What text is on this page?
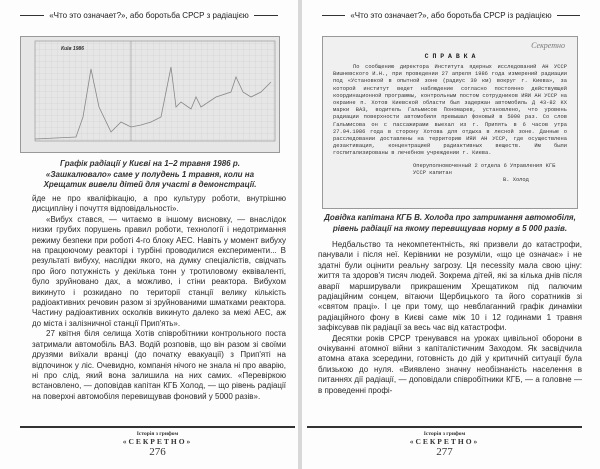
«Что это означает?», або боротьба СРСР з радіацією
Київ 1986
Графік радіації у Києві на 1–2 травня 1986 р. «Зашкалювало» саме у полудень 1 травня, коли на Хрещатик вивели дітей для участі в демонстрації.

йде не про кваліфікацію, а про культуру роботи, внутрішню дисципліну і почуття відповідальності».

«Вибух стався, — читаємо в іншому висновку, — внаслідок низки грубих порушень правил роботи, технології і недотримання режиму безпеки при роботі 4-го блоку АЕС. Навіть у момент вибуху на працюючому реакторі і турбіні проводилися експерименти... В результаті вибуху, наслідки якого, на думку спеціалістів, свідчать про його потужність у декілька тонн у тротиловому еквіваленті, було зруйновано дах, а можливо, і стіни реактора. Вибухом викинуто і розкидано по території станції велику кількість радіоактивних речовин разом зі зруйнованими шматками реактора. Частину радіоактивних осколків викинуто далеко за межі АЕС, аж до міста і залізничної станції Прип'ять».

27 квітня біля селища Хотів співробітники контрольного поста затримали автомобіль ВАЗ. Водій розповів, що він разом зі своїми друзями виїхали вранці (до початку евакуації) з Прип'яті на відпочинок у ліс. Очевидно, компанія нічого не знала ні про аварію, ні про слід, який вона залишила на них самих. «Перевіркою встановлено, — доповідав капітан КГБ Холод, — що рівень радіації на поверхні автомобіля перевищував фоновий у 5000 разів».

Історія з грифом
«СЕКРЕТНО»
276
«Что это означает?», або боротьба СРСР із радіацією
Секретно
С П Р А В К А
По сообщению директора Института ядерных исследований АН УССР Вишневского И.Н., при проведении 27 апреля 1986 года измерений радиации под «Установкой в опытной зоне (радиус 30 км) вокруг г. Киева», за которой институт ведет наблюдение согласно постоянно действующей координационной программы, контрольным постом сотрудников ИЯИ АН УССР на окраине п. Хотов Киевской области был задержан автомобиль Д 43-82 КХ марки ВАЗ, водитель Гальмисов Пономарев, установлено, что уровень радиации поверхности автомобиля превышал фоновый в 5000 раз. Со слов Гальмисова он с пассажирами выехал из г. Припять в 6 часов утра 27.04.1986 года в сторону Хотова для отдыха в лесной зоне. Данные о расследовании доставлены на территорию ИЯИ АН УССР, где осуществлена дезактивация, концентрацией радиактивных веществ. Им были госпитализированы в лечебном учреждении г. Киева.
Оперуполномоченный 2 отдела 6 Управления КГБ УССР капитан
В. Холод
Довідка капітана КГБ В. Холода про затримання автомобіля, рівень радіації на якому перевищував норму в 5 000 разів.

Недбальство та некомпетентність, які призвели до катастрофи, панували і після неї. Керівники не розуміли, «що це означає» і не здатні були оцінити реальну загрозу. Ця necessity мала свою ціну: життя та здоров'я тисяч людей. Зокрема дітей, які за кілька днів після аварії марширували прикрашеним Хрещатиком під палючим радіаційним сонцем, вітаючи Щербицького та його соратників зі «святом праці». І це при тому, що невблаганний графік динаміки радіаційного фону в Києві саме між 10 і 12 годинами 1 травня зафіксував пік радіації за весь час від катастрофи.

Десятки років СРСР тренувався на уроках цивільної оборони в очікуванні атомної війни з капіталістичним Заходом. Як засвідчила атомна атака зсередини, готовність до дій у критичній ситуації була близькою до нуля. «Виявлено значну необізнаність населення в питаннях дії радіації, — доповідали співробітники КГБ, — а головне — в проведенні профі-

Історія з грифом
«СЕКРЕТНО»
277
